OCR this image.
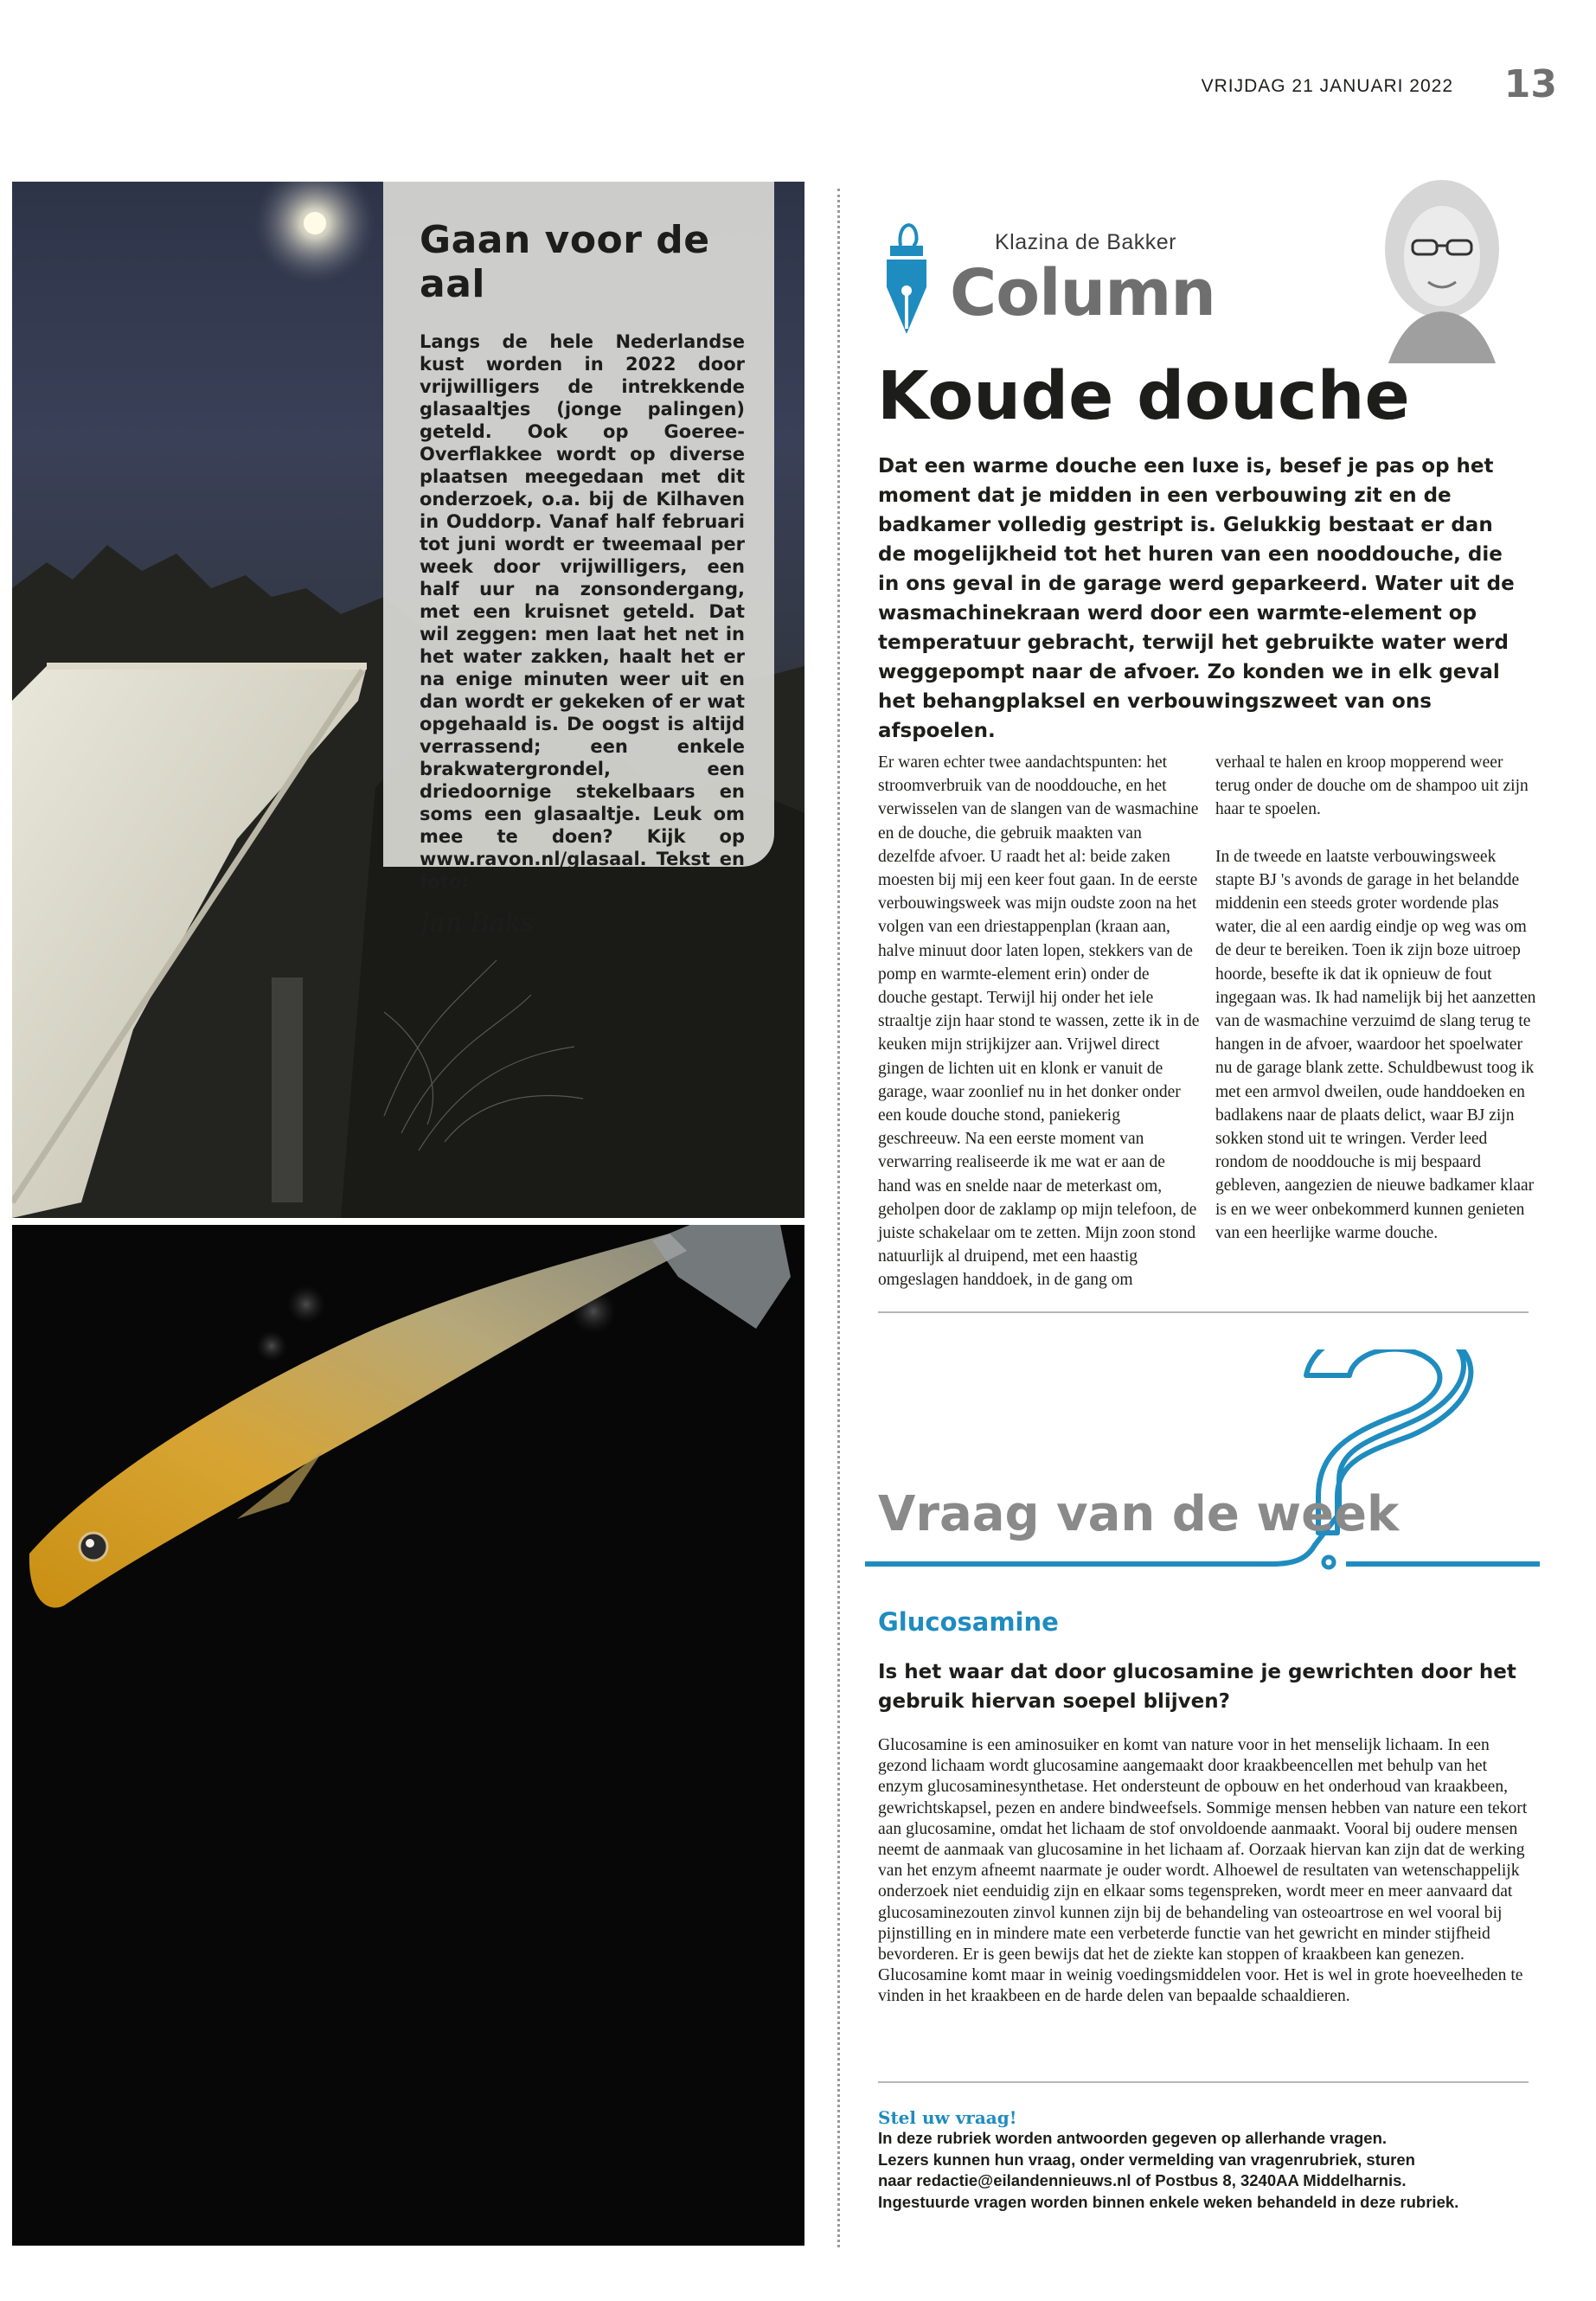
VRIJDAG 21 JANUARI 2022	13
Gaan voor de aal
Langs de hele Nederlandse kust worden in 2022 door vrijwilligers de intrekkende glasaaltjes (jonge palingen) geteld. Ook op Goeree-Overflakkee wordt op diverse plaatsen meegedaan met dit onderzoek, o.a. bij de Kilhaven in Ouddorp. Vanaf half februari tot juni wordt er tweemaal per week door vrijwilligers, een half uur na zonsondergang, met een kruisnet geteld. Dat wil zeggen: men laat het net in het water zakken, haalt het er na enige minuten weer uit en dan wordt er gekeken of er wat opgehaald is. De oogst is altijd verrassend; een enkele brakwatergrondel, een driedoornige stekelbaars en soms een glasaaltje. Leuk om mee te doen? Kijk op www.ravon.nl/glasaal. Tekst en foto:
Jan Baks
Klazina de Bakker
Column
Koude douche
Dat een warme douche een luxe is, besef je pas op het moment dat je midden in een verbouwing zit en de badkamer volledig gestript is. Gelukkig bestaat er dan de mogelijkheid tot het huren van een nooddouche, die in ons geval in de garage werd geparkeerd. Water uit de wasmachinekraan werd door een warmte-element op temperatuur gebracht, terwijl het gebruikte water werd weggepompt naar de afvoer. Zo konden we in elk geval het behangplaksel en verbouwingszweet van ons afspoelen.

Er waren echter twee aandachtspunten: het stroomverbruik van de nooddouche, en het verwisselen van de slangen van de wasmachine en de douche, die gebruik maakten van dezelfde afvoer. U raadt het al: beide zaken moesten bij mij een keer fout gaan. In de eerste verbouwingsweek was mijn oudste zoon na het volgen van een driestappenplan (kraan aan, halve minuut door laten lopen, stekkers van de pomp en warmte-element erin) onder de douche gestapt. Terwijl hij onder het iele straaltje zijn haar stond te wassen, zette ik in de keuken mijn strijkijzer aan. Vrijwel direct gingen de lichten uit en klonk er vanuit de garage, waar zoonlief nu in het donker onder een koude douche stond, paniekerig geschreeuw. Na een eerste moment van verwarring realiseerde ik me wat er aan de hand was en snelde naar de meterkast om, geholpen door de zaklamp op mijn telefoon, de juiste schakelaar om te zetten. Mijn zoon stond natuurlijk al druipend, met een haastig omgeslagen handdoek, in de gang om

verhaal te halen en kroop mopperend weer terug onder de douche om de shampoo uit zijn haar te spoelen.

In de tweede en laatste verbouwingsweek stapte BJ 's avonds de garage in het belandde middenin een steeds groter wordende plas water, die al een aardig eindje op weg was om de deur te bereiken. Toen ik zijn boze uitroep hoorde, besefte ik dat ik opnieuw de fout ingegaan was. Ik had namelijk bij het aanzetten van de wasmachine verzuimd de slang terug te hangen in de afvoer, waardoor het spoelwater nu de garage blank zette. Schuldbewust toog ik met een armvol dweilen, oude handdoeken en badlakens naar de plaats delict, waar BJ zijn sokken stond uit te wringen. Verder leed rondom de nooddouche is mij bespaard gebleven, aangezien de nieuwe badkamer klaar is en we weer onbekommerd kunnen genieten van een heerlijke warme douche.

Vraag van de week
Glucosamine
Is het waar dat door glucosamine je gewrichten door het gebruik hiervan soepel blijven?
Glucosamine is een aminosuiker en komt van nature voor in het menselijk lichaam. In een gezond lichaam wordt glucosamine aangemaakt door kraakbeencellen met behulp van het enzym glucosaminesynthetase. Het ondersteunt de opbouw en het onderhoud van kraakbeen, gewrichtskapsel, pezen en andere bindweefsels. Sommige mensen hebben van nature een tekort aan glucosamine, omdat het lichaam de stof onvoldoende aanmaakt. Vooral bij oudere mensen neemt de aanmaak van glucosamine in het lichaam af. Oorzaak hiervan kan zijn dat de werking van het enzym afneemt naarmate je ouder wordt. Alhoewel de resultaten van wetenschappelijk onderzoek niet eenduidig zijn en elkaar soms tegenspreken, wordt meer en meer aanvaard dat glucosaminezouten zinvol kunnen zijn bij de behandeling van osteoartrose en wel vooral bij pijnstilling en in mindere mate een verbeterde functie van het gewricht en minder stijfheid bevorderen. Er is geen bewijs dat het de ziekte kan stoppen of kraakbeen kan genezen. Glucosamine komt maar in weinig voedingsmiddelen voor. Het is wel in grote hoeveelheden te vinden in het kraakbeen en de harde delen van bepaalde schaaldieren.
Stel uw vraag!
In deze rubriek worden antwoorden gegeven op allerhande vragen.
Lezers kunnen hun vraag, onder vermelding van vragenrubriek, sturen
naar redactie@eilandennieuws.nl of Postbus 8, 3240AA Middelharnis.
Ingestuurde vragen worden binnen enkele weken behandeld in deze rubriek.
